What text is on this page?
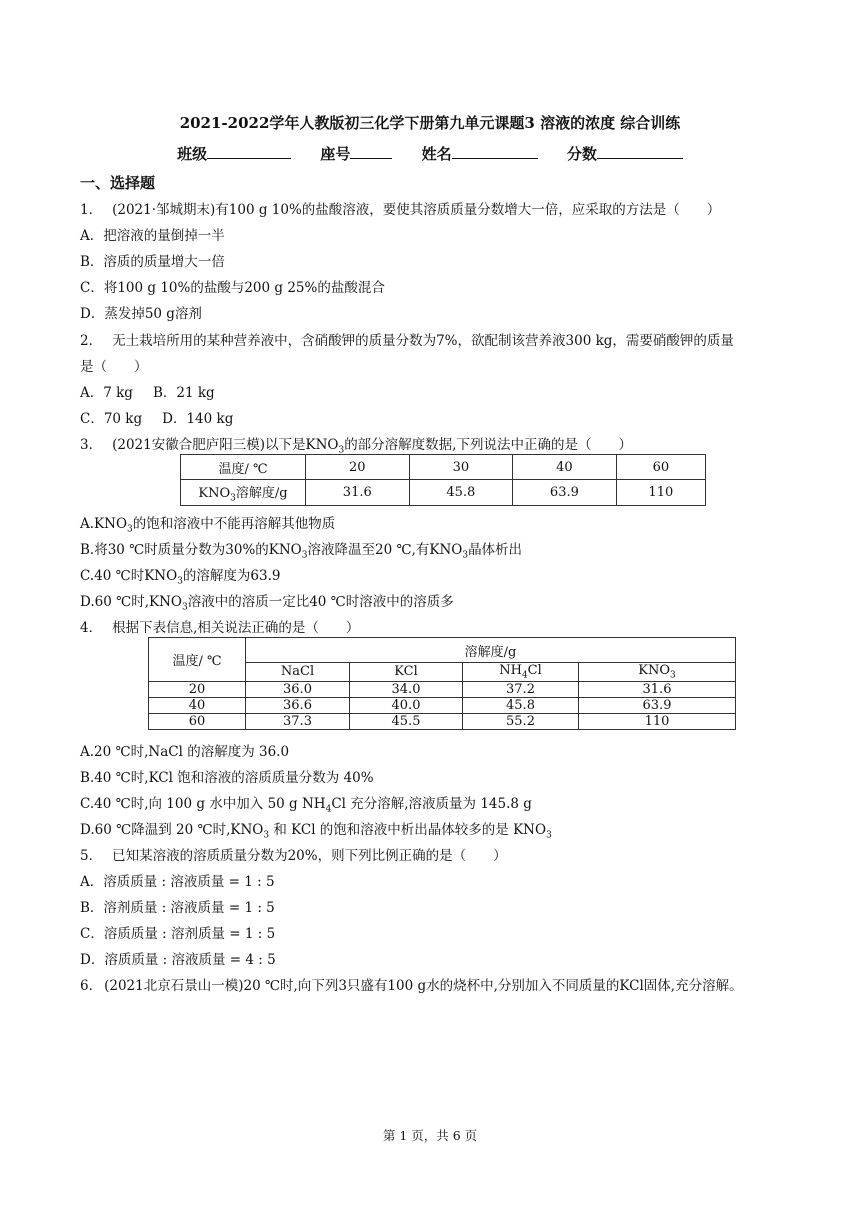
2021-2022学年人教版初三化学下册第九单元课题3 溶液的浓度 综合训练
班级	座号	姓名	分数
一、选择题
1． (2021·邹城期末)有100 g 10%的盐酸溶液，要使其溶质质量分数增大一倍，应采取的方法是（　　）
A．把溶液的量倒掉一半
B．溶质的质量增大一倍
C．将100 g 10%的盐酸与200 g 25%的盐酸混合
D．蒸发掉50 g溶剂
2． 无土栽培所用的某种营养液中，含硝酸钾的质量分数为7%，欲配制该营养液300 kg，需要硝酸钾的质量
是（　　）
A．7 kg B．21 kg
C．70 kg D．140 kg
3． (2021安徽合肥庐阳三模)以下是$KNO_3$的部分溶解度数据,下列说法中正确的是（　　）
温度/ ℃	20	30	40	60
$KNO_3$溶解度/g	31.6	45.8	63.9	110
$A.KNO_3$的饱和溶液中不能再溶解其他物质
B.将30 ℃时质量分数为30%的$KNO_3$溶液降温至20 ℃,有$KNO_3$晶体析出
C.40 ℃时$KNO_3$的溶解度为63.9
D.60 ℃时$,KNO_3$溶液中的溶质一定比40 ℃时溶液中的溶质多
4． 根据下表信息,相关说法正确的是（　　）
温度/ ℃	溶解度/g			
	NaCl	KCl	$NH_4Cl$	$KNO_3$
20	36.0	34.0	37.2	31.6
40	36.6	40.0	45.8	63.9
60	37.3	45.5	55.2	110
A.20 ℃时,NaCl 的溶解度为 36.0
B.40 ℃时,KCl 饱和溶液的溶质质量分数为 40%
C.40 ℃时,向 100 g 水中加入 50 g $NH_4Cl$ 充分溶解,溶液质量为 145.8 g
D.60 ℃降温到 20 ℃时$,KNO_3$ 和 KCl 的饱和溶液中析出晶体较多的是 $KNO_3$
5． 已知某溶液的溶质质量分数为20%，则下列比例正确的是（　　）
A．溶质质量 : 溶液质量 = 1 : 5
B．溶剂质量 : 溶液质量 = 1 : 5
C．溶质质量 : 溶剂质量 = 1 : 5
D．溶质质量 : 溶液质量 = 4 : 5
6． (2021北京石景山一模)20 ℃时,向下列3只盛有100 g水的烧杯中,分别加入不同质量的KCl固体,充分溶解。
第 1 页，共 6 页
